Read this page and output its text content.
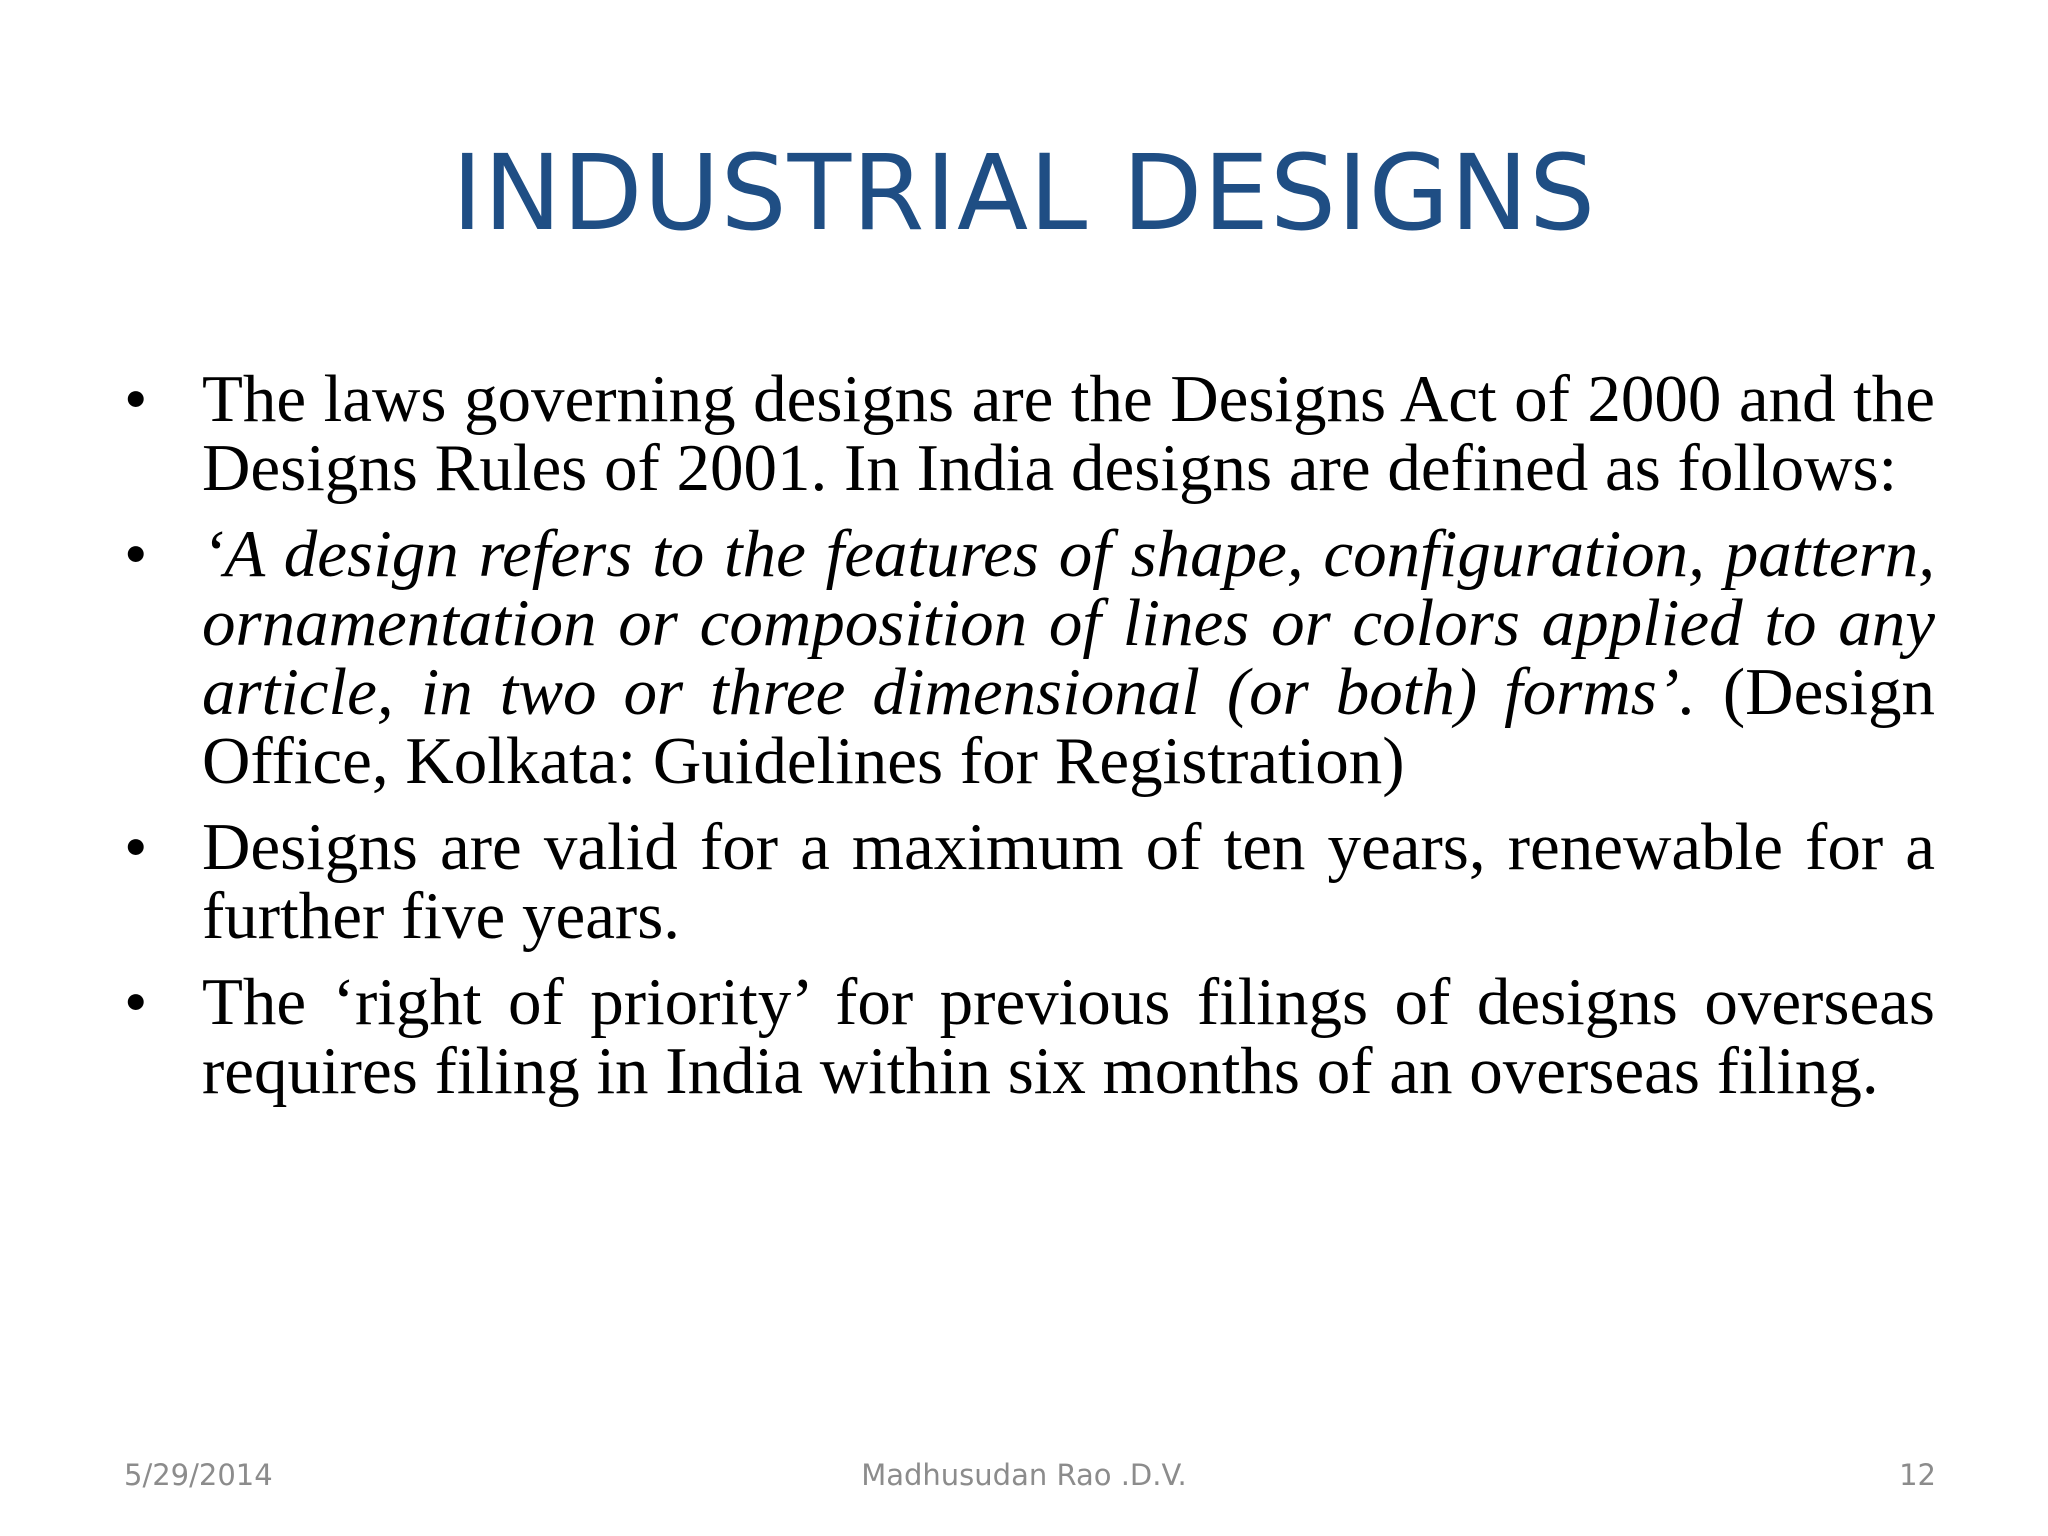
INDUSTRIAL DESIGNS
• The laws governing designs are the Designs Act of 2000 and the Designs Rules of 2001. In India designs are defined as follows:
• ‘A design refers to the features of shape, configuration, pattern, ornamentation or composition of lines or colors applied to any article, in two or three dimensional (or both) forms’. (Design Office, Kolkata: Guidelines for Registration)
• Designs are valid for a maximum of ten years, renewable for a further five years.
• The ‘right of priority’ for previous filings of designs overseas requires filing in India within six months of an overseas filing.
Madhusudan Rao .D.V.
5/29/2014	12
